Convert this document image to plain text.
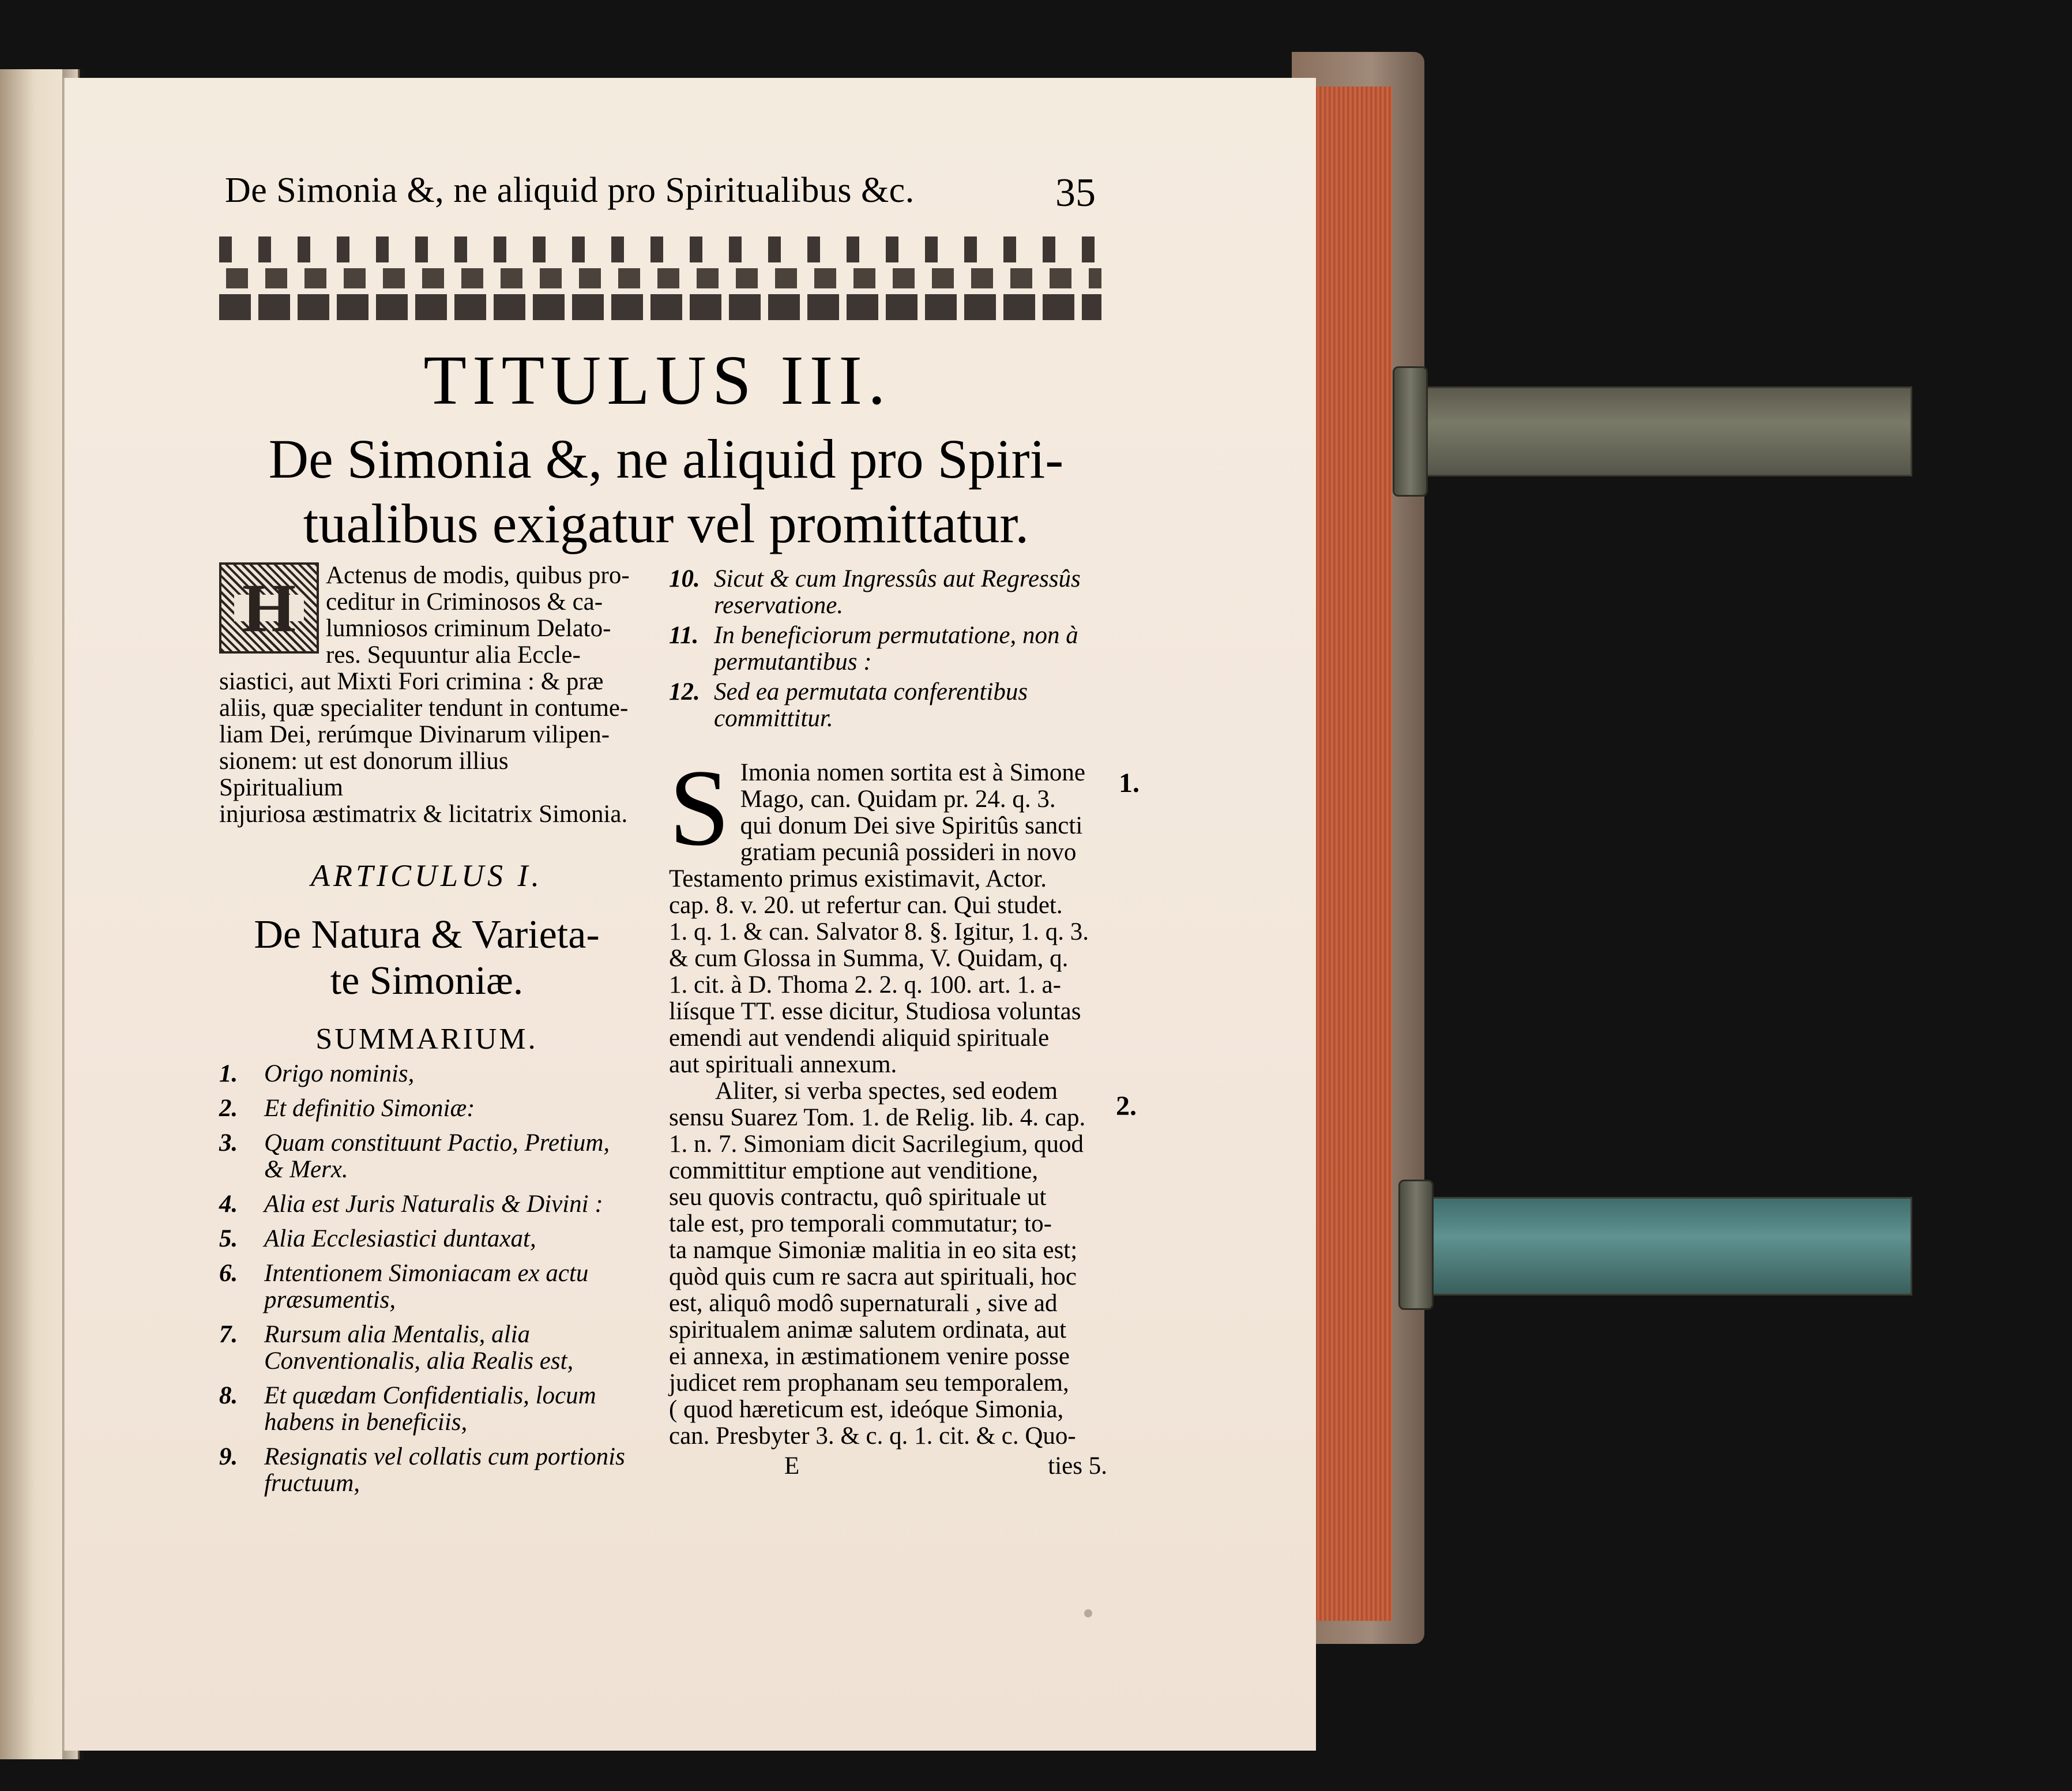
De Simonia &, ne aliquid pro Spiritualibus &c.	35
TITULUS III.
De Simonia &, ne aliquid pro Spiri-
tualibus exigatur vel promittatur.
H	Actenus de modis, quibus pro-
ceditur in Criminosos & ca-
lumniosos criminum Delato-
res. Sequuntur alia Eccle-
siastici, aut Mixti Fori crimina : & præ
aliis, quæ specialiter tendunt in contume-
liam Dei, rerúmque Divinarum vilipen-
sionem: ut est donorum illius Spiritualium
injuriosa æstimatrix & licitatrix Simonia.
ARTICULUS I.
De Natura & Varieta-
te Simoniæ.
SUMMARIUM.
1.	Origo nominis,
2.	Et definitio Simoniæ:
3.	Quam constituunt Pactio, Pretium, & Merx.
4.	Alia est Juris Naturalis & Divini :
5.	Alia Ecclesiastici duntaxat,
6.	Intentionem Simoniacam ex actu præsumentis,
7.	Rursum alia Mentalis, alia Conventionalis, alia Realis est,
8.	Et quædam Confidentialis, locum habens in beneficiis,
9.	Resignatis vel collatis cum portionis fructuum,
10. Sicut & cum Ingressûs aut Regressûs reservatione.
11. In beneficiorum permutatione, non à permutantibus :
12. Sed ea permutata conferentibus committitur.
S Imonia nomen sortita est à Simone
Mago, can. Quidam pr. 24. q. 3.
qui donum Dei sive Spiritûs sancti
gratiam pecuniâ possideri in novo
Testamento primus existimavit, Actor.
cap. 8. v. 20. ut refertur can. Qui studet.
1. q. 1. & can. Salvator 8. §. Igitur, 1. q. 3.
& cum Glossa in Summa, V. Quidam, q.
1. cit. à D. Thoma 2. 2. q. 100. art. 1. a-
liísque TT. esse dicitur, Studiosa voluntas
emendi aut vendendi aliquid spirituale
aut spirituali annexum.
Aliter, si verba spectes, sed eodem
sensu Suarez Tom. 1. de Relig. lib. 4. cap.
1. n. 7. Simoniam dicit Sacrilegium, quod
committitur emptione aut venditione,
seu quovis contractu, quô spirituale ut
tale est, pro temporali commutatur; to-
ta namque Simoniæ malitia in eo sita est;
quòd quis cum re sacra aut spirituali, hoc
est, aliquô modô supernaturali , sive ad
spiritualem animæ salutem ordinata, aut
ei annexa, in æstimationem venire posse
judicet rem prophanam seu temporalem,
( quod hæreticum est, ideóque Simonia,
can. Presbyter 3. & c. q. 1. cit. & c. Quo-
E	ties 5.
1.
2.
